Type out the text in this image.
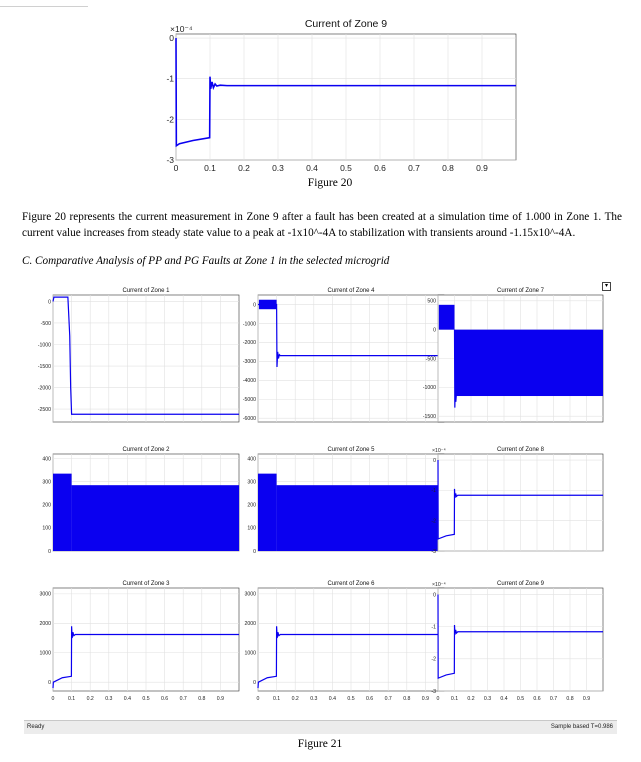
0	0.1	0.2	0.3	0.4	0.5	0.6	0.7	0.8	0.9
0
-1
-2
-3
Current of Zone 9
×10⁻⁴
Figure 20
Figure 20 represents the current measurement in Zone 9 after a fault has been created at a simulation time of 1.000 in Zone 1. The current value increases from steady state value to a peak at -1x10^-4A to stabilization with transients around -1.15x10^-4A.
C. Comparative Analysis of PP and PG Faults at Zone 1 in the selected microgrid
0
-500
-1000
-1500
-2000
-2500
Current of Zone 1
0
-1000
-2000
-3000
-4000
-5000
-6000
Current of Zone 4
500
0
-500
-1000
-1500
Current of Zone 7
400
300
200
100
0
Current of Zone 2
400
300
200
100
0
Current of Zone 5
0
-1
-2
-3
Current of Zone 8
×10⁻⁴
0	0.1 0.2 0.3 0.4 0.5 0.6 0.7 0.8 0.9
3000
2000
1000
0
Current of Zone 3
0	0.1 0.2 0.3 0.4 0.5 0.6 0.7 0.8 0.9
3000
2000
1000
0
Current of Zone 6
0 0.1 0.2 0.3 0.4 0.5 0.6 0.7 0.8 0.9
0
-1
-2
-3
Current of Zone 9
×10⁻⁴
▾
Ready	Sample based T=0.986
Figure 21
